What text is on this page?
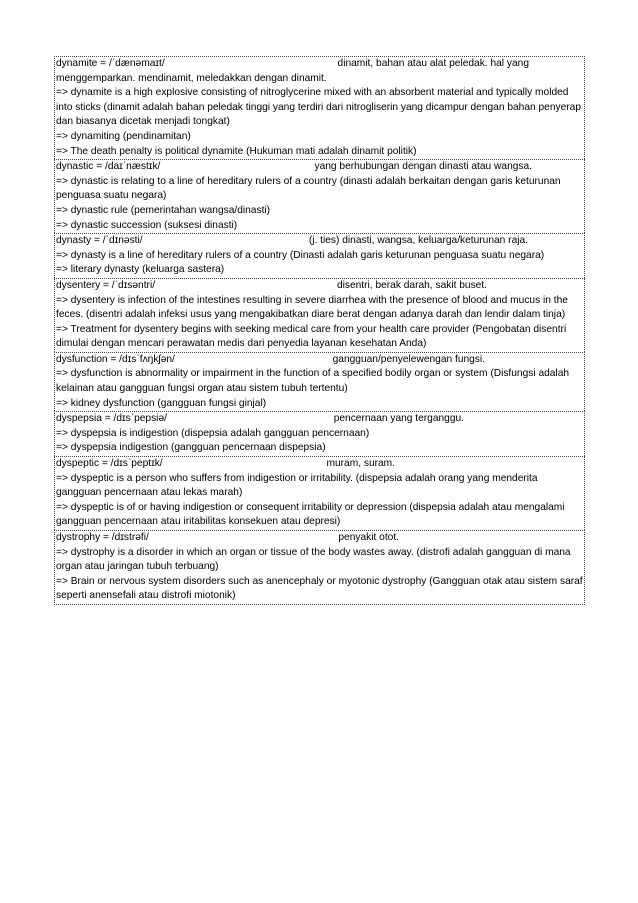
dynamite = /ˈdænəmaɪt/	dinamit, bahan atau alat peledak. hal yang
menggemparkan. mendinamit, meledakkan dengan dinamit.
=> dynamite is a high explosive consisting of nitroglycerine mixed with an absorbent material and typically molded into sticks (dinamit adalah bahan peledak tinggi yang terdiri dari nitrogliserin yang dicampur dengan bahan penyerap dan biasanya dicetak menjadi tongkat)
=> dynamiting (pendinamitan)
=> The death penalty is political dynamite (Hukuman mati adalah dinamit politik)
dynastic = /daɪˈnæstɪk/	yang berhubungan dengan dinasti atau wangsa.
=> dynastic is relating to a line of hereditary rulers of a country (dinasti adalah berkaitan dengan garis keturunan penguasa suatu negara)
=> dynastic rule (pemerintahan wangsa/dinasti)
=> dynastic succession (suksesi dinasti)
dynasty = /ˈdɪnəsti/	(j. ties) dinasti, wangsa, keluarga/keturunan raja.
=> dynasty is a line of hereditary rulers of a country (Dinasti adalah garis keturunan penguasa suatu negara)
=> literary dynasty (keluarga sastera)
dysentery = /ˈdɪsəntri/	disentri, berak darah, sakit buset.
=> dysentery is infection of the intestines resulting in severe diarrhea with the presence of blood and mucus in the feces. (disentri adalah infeksi usus yang mengakibatkan diare berat dengan adanya darah dan lendir dalam tinja)
=> Treatment for dysentery begins with seeking medical care from your health care provider (Pengobatan disentri dimulai dengan mencari perawatan medis dari penyedia layanan kesehatan Anda)
dysfunction = /dɪsˈfʌŋkʃən/	gangguan/penyelewengan fungsi.
=> dysfunction is abnormality or impairment in the function of a specified bodily organ or system (Disfungsi adalah kelainan atau gangguan fungsi organ atau sistem tubuh tertentu)
=> kidney dysfunction (gangguan fungsi ginjal)
dyspepsia = /dɪsˈpepsiə/	pencernaan yang terganggu.
=> dyspepsia is indigestion (dispepsia adalah gangguan pencernaan)
=> dyspepsia indigestion (gangguan pencernaan dispepsia)
dyspeptic = /dɪsˈpeptɪk/	muram, suram.
=> dyspeptic is a person who suffers from indigestion or irritability. (dispepsia adalah orang yang menderita gangguan pencernaan atau lekas marah)
=> dyspeptic is of or having indigestion or consequent irritability or depression (dispepsia adalah atau mengalami gangguan pencernaan atau iritabilitas konsekuen atau depresi)
dystrophy = /dɪstrəfi/	penyakit otot.
=> dystrophy is a disorder in which an organ or tissue of the body wastes away. (distrofi adalah gangguan di mana organ atau jaringan tubuh terbuang)
=> Brain or nervous system disorders such as anencephaly or myotonic dystrophy (Gangguan otak atau sistem saraf seperti anensefali atau distrofi miotonik)
